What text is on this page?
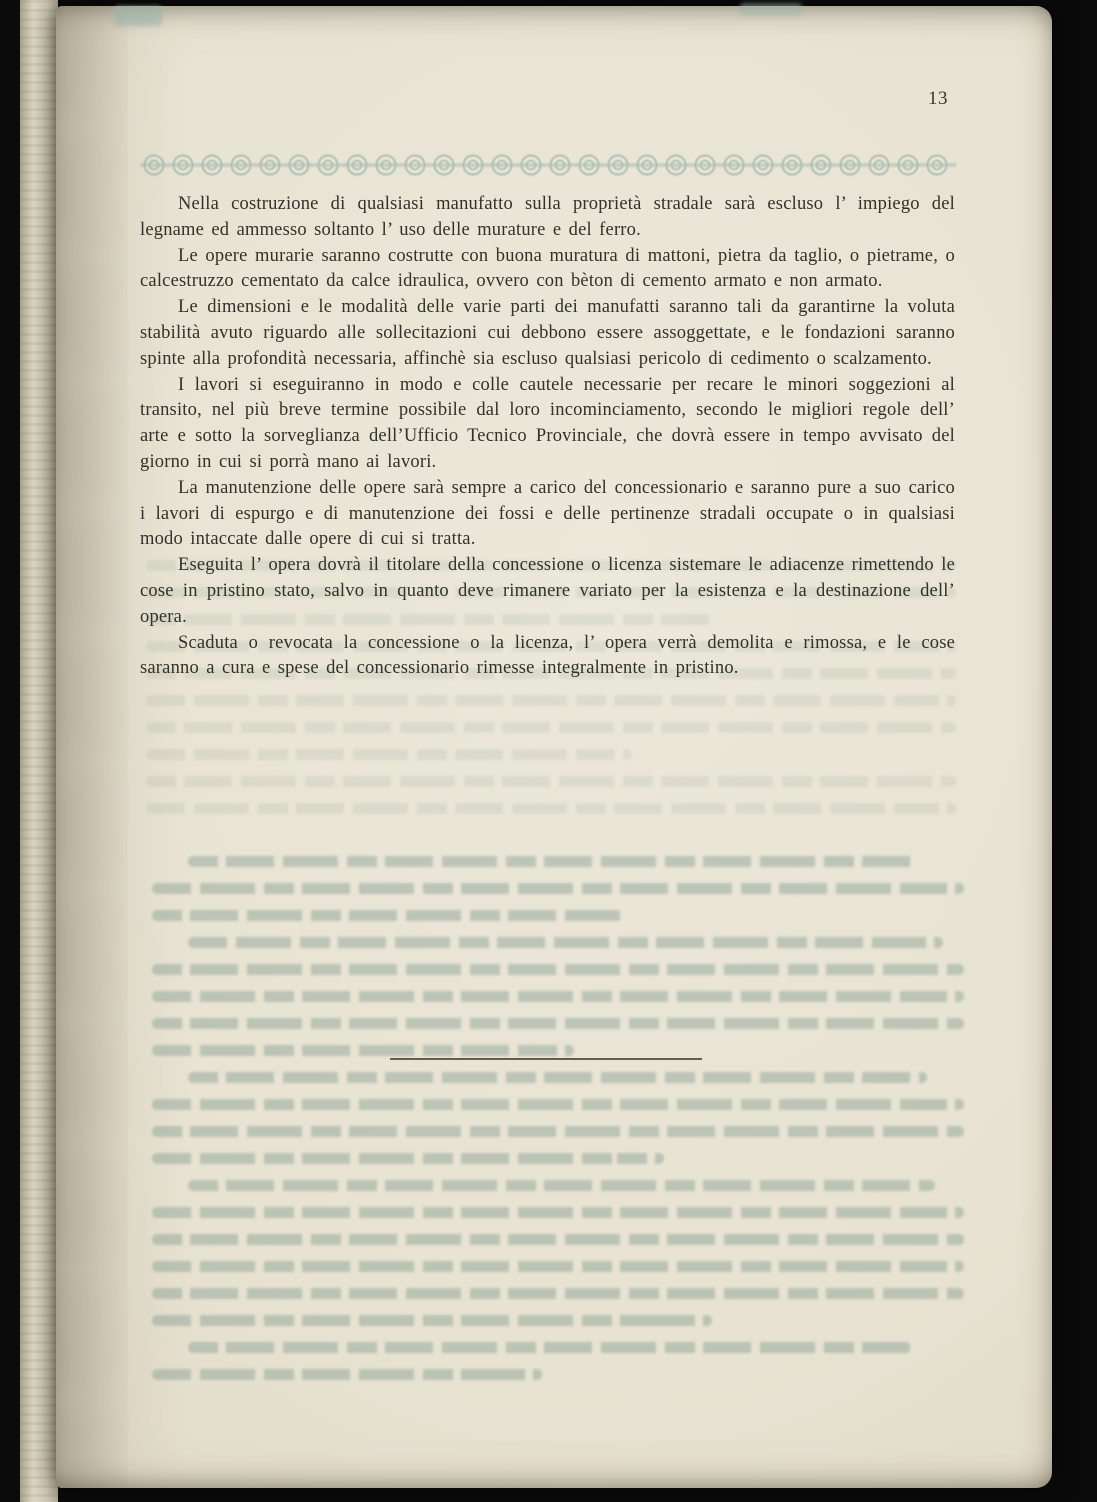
13

Nella costruzione di qualsiasi manufatto sulla proprietà stradale sarà escluso l’ impiego del legname ed ammesso soltanto l’ uso delle murature e del ferro.

Le opere murarie saranno costrutte con buona muratura di mattoni, pietra da taglio, o pietrame, o calcestruzzo cementato da calce idraulica, ovvero con bèton di cemento armato e non armato.

Le dimensioni e le modalità delle varie parti dei manufatti saranno tali da garantirne la voluta stabilità avuto riguardo alle sollecitazioni cui debbono essere assoggettate, e le fondazioni saranno spinte alla profondità necessaria, affinchè sia escluso qualsiasi pericolo di cedimento o scalzamento.

I lavori si eseguiranno in modo e colle cautele necessarie per recare le minori soggezioni al transito, nel più breve termine possibile dal loro incominciamento, secondo le migliori regole dell’ arte e sotto la sorveglianza dell’Ufficio Tecnico Provinciale, che dovrà essere in tempo avvisato del giorno in cui si porrà mano ai lavori.

La manutenzione delle opere sarà sempre a carico del concessionario e saranno pure a suo carico i lavori di espurgo e di manutenzione dei fossi e delle pertinenze stradali occupate o in qualsiasi modo intaccate dalle opere di cui si tratta.

Eseguita l’ opera dovrà il titolare della concessione o licenza sistemare le adiacenze rimettendo le cose in pristino stato, salvo in quanto deve rimanere variato per la esistenza e la destinazione dell’ opera.

Scaduta o revocata la concessione o la licenza, l’ opera verrà demolita e rimossa, e le cose saranno a cura e spese del concessionario rimesse integralmente in pristino.
